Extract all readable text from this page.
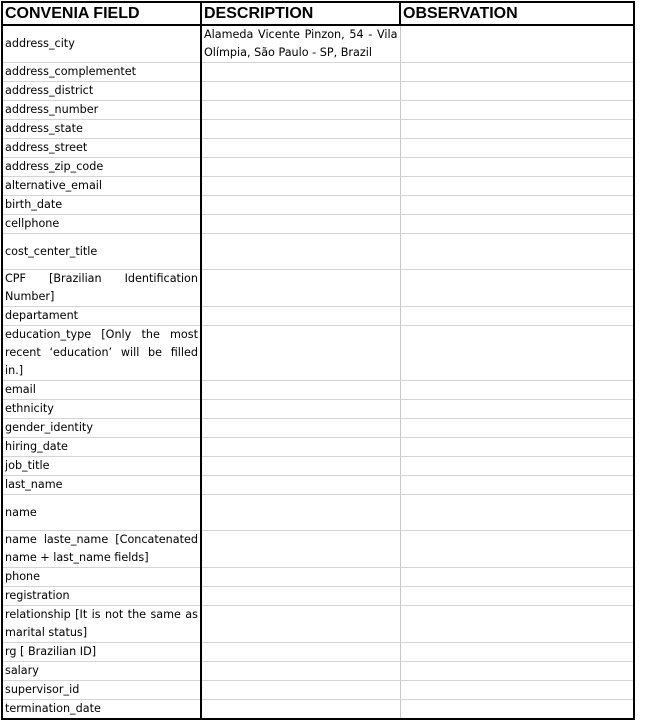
CONVENIA FIELD	DESCRIPTION	OBSERVATION
address_city	Alameda Vicente Pinzon, 54 - Vila Olímpia, São Paulo - SP, Brazil	
address_complementet		
address_district		
address_number		
address_state		
address_street		
address_zip_code		
alternative_email		
birth_date		
cellphone		
cost_center_title		
CPF [Brazilian Identification Number]		
departament		
education_type [Only the most recent ‘education’ will be filled in.]		
email		
ethnicity		
gender_identity		
hiring_date		
job_title		
last_name		
name		
name laste_name [Concatenated name + last_name fields]		
phone		
registration		
relationship [It is not the same as marital status]		
rg [ Brazilian ID]		
salary		
supervisor_id		
termination_date		
